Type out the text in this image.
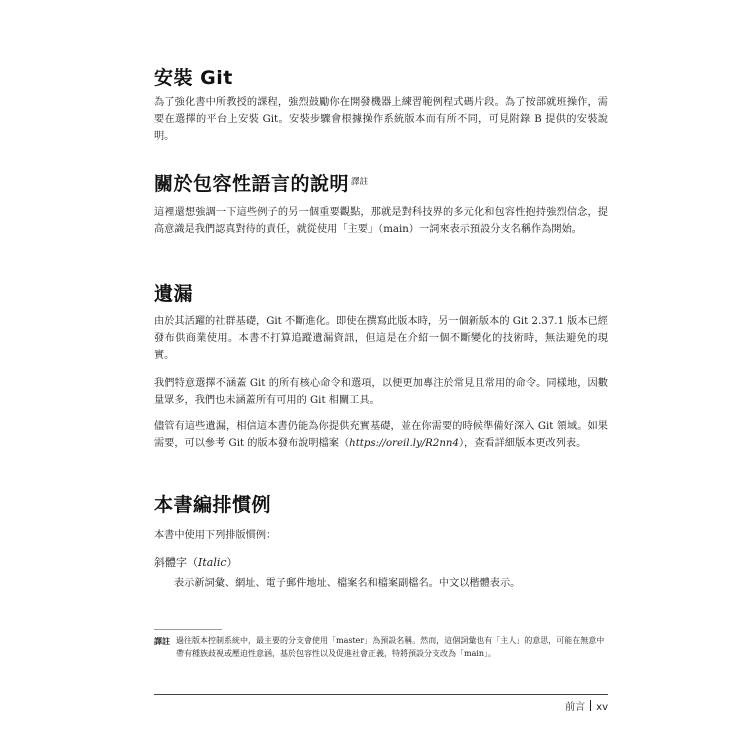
安裝 Git

為了強化書中所教授的課程，強烈鼓勵你在開發機器上練習範例程式碼片段。為了按部就班操作，需要在選擇的平台上安裝 Git。安裝步驟會根據操作系統版本而有所不同，可見附錄 B 提供的安裝說明。

關於包容性語言的說明 $^{譯註}$

這裡還想強調一下這些例子的另一個重要觀點，那就是對科技界的多元化和包容性抱持強烈信念，提高意識是我們認真對待的責任，就從使用「主要」（main）一詞來表示預設分支名稱作為開始。

遺漏

由於其活躍的社群基礎，Git 不斷進化。即使在撰寫此版本時，另一個新版本的 Git 2.37.1 版本已經發布供商業使用。本書不打算追蹤遺漏資訊，但這是在介紹一個不斷變化的技術時，無法避免的現實。

我們特意選擇不涵蓋 Git 的所有核心命令和選項，以便更加專注於常見且常用的命令。同樣地，因數量眾多，我們也未涵蓋所有可用的 Git 相關工具。

儘管有這些遺漏，相信這本書仍能為你提供充實基礎，並在你需要的時候準備好深入 Git 領域。如果需要，可以參考 Git 的版本發布說明檔案（https://oreil.ly/R2nn4），查看詳細版本更改列表。

本書編排慣例

本書中使用下列排版慣例：

斜體字（Italic）
表示新詞彙、網址、電子郵件地址、檔案名和檔案副檔名。中文以楷體表示。
譯註 過往版本控制系統中，最主要的分支會使用「master」為預設名稱。然而，這個詞彙也有「主人」的意思，可能在無意中帶有種族歧視或壓迫性意涵，基於包容性以及促進社會正義，特將預設分支改為「main」。
前言 xv
